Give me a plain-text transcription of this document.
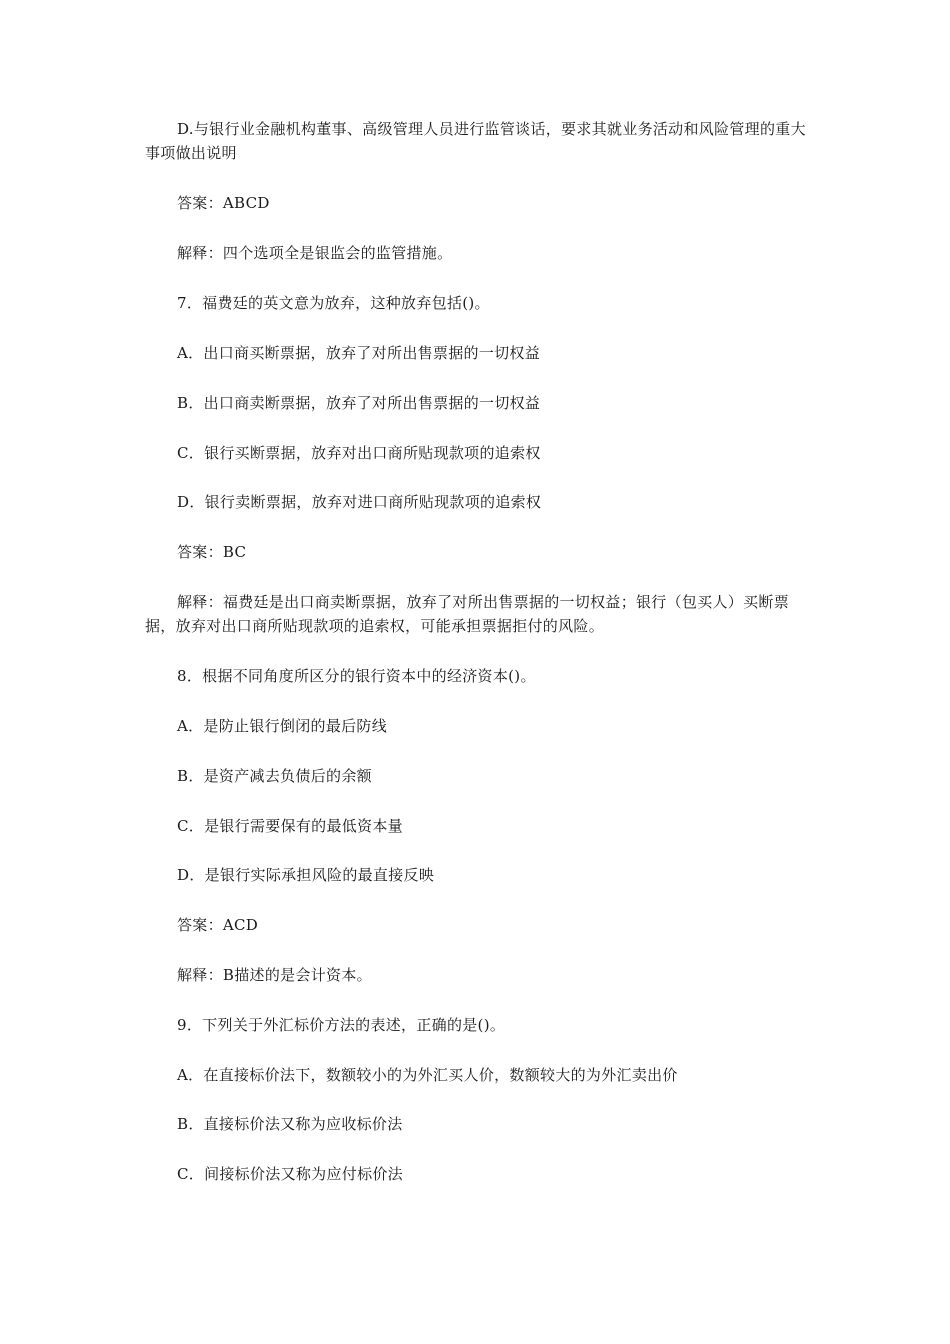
D.与银行业金融机构董事、高级管理人员进行监管谈话，要求其就业务活动和风险管理的重大事项做出说明

答案：ABCD

解释：四个选项全是银监会的监管措施。

7．福费廷的英文意为放弃，这种放弃包括()。

A．出口商买断票据，放弃了对所出售票据的一切权益

B．出口商卖断票据，放弃了对所出售票据的一切权益

C．银行买断票据，放弃对出口商所贴现款项的追索权

D．银行卖断票据，放弃对进口商所贴现款项的追索权

答案：BC

解释：福费廷是出口商卖断票据，放弃了对所出售票据的一切权益；银行（包买人）买断票据，放弃对出口商所贴现款项的追索权，可能承担票据拒付的风险。

8．根据不同角度所区分的银行资本中的经济资本()。

A．是防止银行倒闭的最后防线

B．是资产减去负债后的余额

C．是银行需要保有的最低资本量

D．是银行实际承担风险的最直接反映

答案：ACD

解释：B描述的是会计资本。

9．下列关于外汇标价方法的表述，正确的是()。

A．在直接标价法下，数额较小的为外汇买人价，数额较大的为外汇卖出价

B．直接标价法又称为应收标价法

C．间接标价法又称为应付标价法
